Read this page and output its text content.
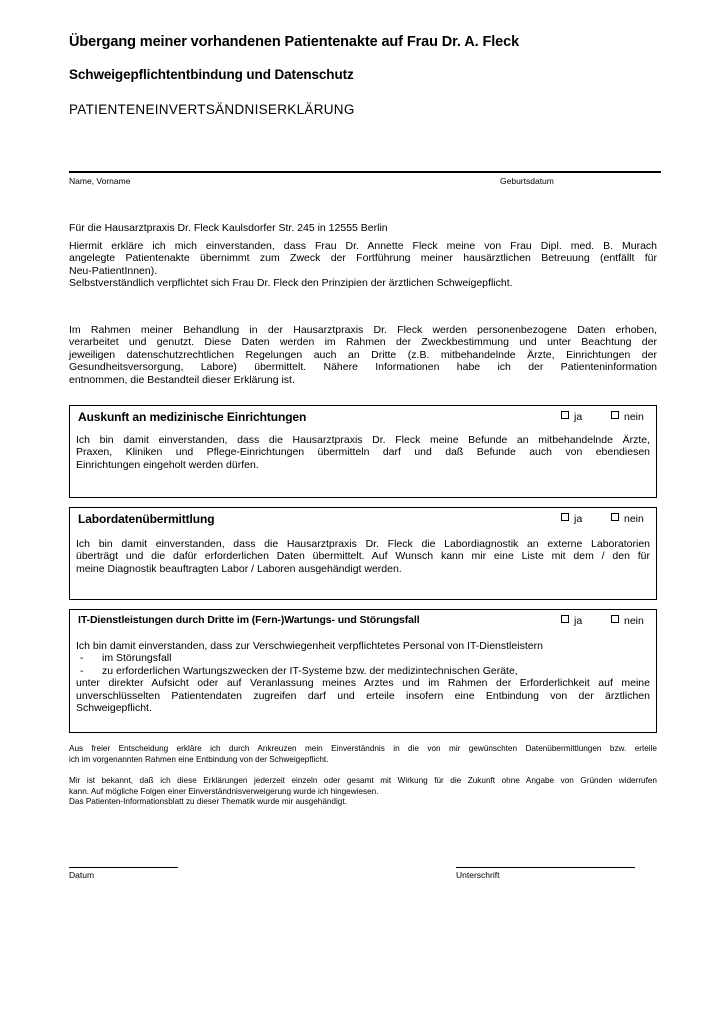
Übergang meiner vorhandenen Patientenakte auf Frau Dr. A. Fleck
Schweigepflichtentbindung und Datenschutz
PATIENTENEINVERTSÄNDNISERKLÄRUNG
Name, Vorname	Geburtsdatum
Für die Hausarztpraxis Dr. Fleck Kaulsdorfer Str. 245 in 12555 Berlin
Hiermit erkläre ich mich einverstanden, dass Frau Dr. Annette Fleck meine von Frau Dipl. med. B. Murach
angelegte Patientenakte übernimmt zum Zweck der Fortführung meiner hausärztlichen Betreuung (entfällt für
Neu-PatientInnen).
Selbstverständlich verpflichtet sich Frau Dr. Fleck den Prinzipien der ärztlichen Schweigepflicht.
Im Rahmen meiner Behandlung in der Hausarztpraxis Dr. Fleck werden personenbezogene Daten erhoben,
verarbeitet und genutzt. Diese Daten werden im Rahmen der Zweckbestimmung und unter Beachtung der
jeweiligen datenschutzrechtlichen Regelungen auch an Dritte (z.B. mitbehandelnde Ärzte, Einrichtungen der
Gesundheitsversorgung, Labore) übermittelt. Nähere Informationen habe ich der Patienteninformation
entnommen, die Bestandteil dieser Erklärung ist.
Auskunft an medizinische Einrichtungen	ja	nein
Ich bin damit einverstanden, dass die Hausarztpraxis Dr. Fleck meine Befunde an mitbehandelnde Ärzte,
Praxen, Kliniken und Pflege-Einrichtungen übermitteln darf und daß Befunde auch von ebendiesen
Einrichtungen eingeholt werden dürfen.
Labordatenübermittlung	ja	nein
Ich bin damit einverstanden, dass die Hausarztpraxis Dr. Fleck die Labordiagnostik an externe Laboratorien
überträgt und die dafür erforderlichen Daten übermittelt. Auf Wunsch kann mir eine Liste mit dem / den für
meine Diagnostik beauftragten Labor / Laboren ausgehändigt werden.
IT-Dienstleistungen durch Dritte im (Fern-)Wartungs- und Störungsfall	ja	nein
Ich bin damit einverstanden, dass zur Verschwiegenheit verpflichtetes Personal von IT-Dienstleistern
- im Störungsfall
- zu erforderlichen Wartungszwecken der IT-Systeme bzw. der medizintechnischen Geräte,
unter direkter Aufsicht oder auf Veranlassung meines Arztes und im Rahmen der Erforderlichkeit auf meine
unverschlüsselten Patientendaten zugreifen darf und erteile insofern eine Entbindung von der ärztlichen
Schweigepflicht.
Aus freier Entscheidung erkläre ich durch Ankreuzen mein Einverständnis in die von mir gewünschten Datenübermittlungen bzw. erteile
ich im vorgenannten Rahmen eine Entbindung von der Schweigepflicht.
Mir ist bekannt, daß ich diese Erklärungen jederzeit einzeln oder gesamt mit Wirkung für die Zukunft ohne Angabe von Gründen widerrufen
kann. Auf mögliche Folgen einer Einverständnisverweigerung wurde ich hingewiesen.
Das Patienten-Informationsblatt zu dieser Thematik wurde mir ausgehändigt.
Datum	Unterschrift
